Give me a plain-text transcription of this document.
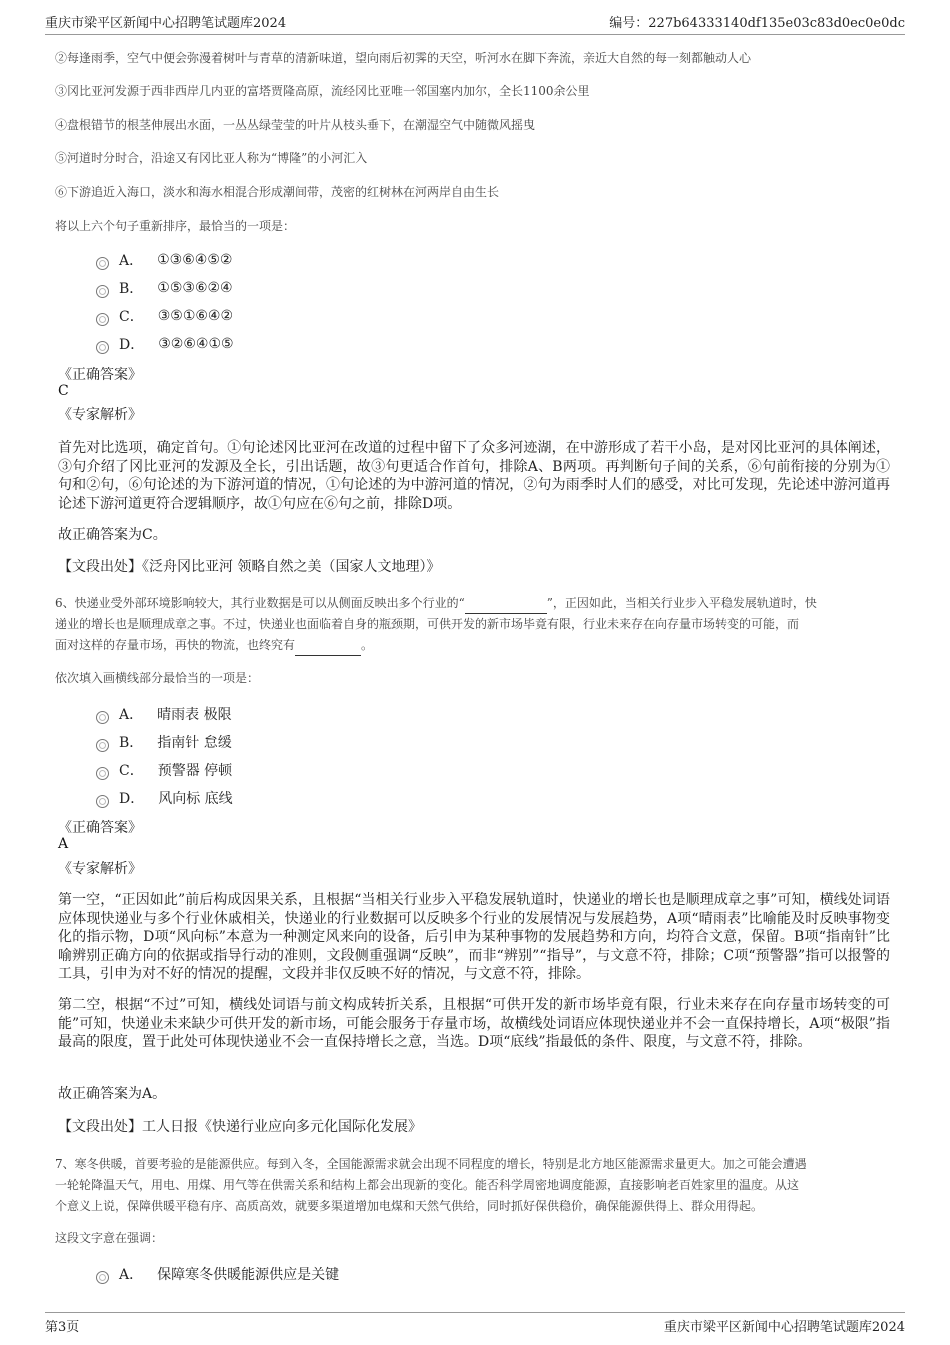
重庆市梁平区新闻中心招聘笔试题库2024	编号：227b64333140df135e03c83d0ec0e0dc
②每逢雨季，空气中便会弥漫着树叶与青草的清新味道，望向雨后初霁的天空，听河水在脚下奔流，亲近大自然的每一刻都触动人心
③冈比亚河发源于西非西岸几内亚的富塔贾隆高原，流经冈比亚唯一邻国塞内加尔，全长1100余公里
④盘根错节的根茎伸展出水面，一丛丛绿莹莹的叶片从枝头垂下，在潮湿空气中随微风摇曳
⑤河道时分时合，沿途又有冈比亚人称为“博隆”的小河汇入
⑥下游追近入海口，淡水和海水相混合形成潮间带，茂密的红树林在河两岸自由生长
将以上六个句子重新排序，最恰当的一项是：
A． ①③⑥④⑤②
B． ①⑤③⑥②④
C． ③⑤①⑥④②
D． ③②⑥④①⑤
《正确答案》
C
《专家解析》
首先对比选项，确定首句。①句论述冈比亚河在改道的过程中留下了众多河迹湖，在中游形成了若干小岛，是对冈比亚河的具体阐述，③句介绍了冈比亚河的发源及全长，引出话题，故③句更适合作首句，排除A、B两项。再判断句子间的关系，⑥句前衔接的分别为①句和②句，⑥句论述的为下游河道的情况，①句论述的为中游河道的情况，②句为雨季时人们的感受，对比可发现，先论述中游河道再论述下游河道更符合逻辑顺序，故①句应在⑥句之前，排除D项。
故正确答案为C。
【文段出处】《泛舟冈比亚河 领略自然之美（国家人文地理）》
6、快递业受外部环境影响较大，其行业数据是可以从侧面反映出多个行业的“	”，正因如此，当相关行业步入平稳发展轨道时，快
递业的增长也是顺理成章之事。不过，快递业也面临着自身的瓶颈期，可供开发的新市场毕竟有限，行业未来存在向存量市场转变的可能，而
面对这样的存量市场，再快的物流，也终究有	。
依次填入画横线部分最恰当的一项是：
A． 晴雨表 极限
B． 指南针 怠缓
C． 预警器 停顿
D． 风向标 底线
《正确答案》
A
《专家解析》
第一空，“正因如此”前后构成因果关系，且根据“当相关行业步入平稳发展轨道时，快递业的增长也是顺理成章之事”可知，横线处词语应体现快递业与多个行业休戚相关，快递业的行业数据可以反映多个行业的发展情况与发展趋势，A项“晴雨表”比喻能及时反映事物变化的指示物，D项“风向标”本意为一种测定风来向的设备，后引申为某种事物的发展趋势和方向，均符合文意，保留。B项“指南针”比喻辨别正确方向的依据或指导行动的准则，文段侧重强调“反映”，而非“辨别”“指导”，与文意不符，排除；C项“预警器”指可以报警的工具，引申为对不好的情况的提醒，文段并非仅反映不好的情况，与文意不符，排除。
第二空，根据“不过”可知，横线处词语与前文构成转折关系，且根据“可供开发的新市场毕竟有限，行业未来存在向存量市场转变的可能”可知，快递业未来缺少可供开发的新市场，可能会服务于存量市场，故横线处词语应体现快递业并不会一直保持增长，A项“极限”指最高的限度，置于此处可体现快递业不会一直保持增长之意，当选。D项“底线”指最低的条件、限度，与文意不符，排除。
故正确答案为A。
【文段出处】工人日报《快递行业应向多元化国际化发展》
7、寒冬供暖，首要考验的是能源供应。每到入冬，全国能源需求就会出现不同程度的增长，特别是北方地区能源需求量更大。加之可能会遭遇
一轮轮降温天气，用电、用煤、用气等在供需关系和结构上都会出现新的变化。能否科学周密地调度能源，直接影响老百姓家里的温度。从这
个意义上说，保障供暖平稳有序、高质高效，就要多渠道增加电煤和天然气供给，同时抓好保供稳价，确保能源供得上、群众用得起。
这段文字意在强调：
A． 保障寒冬供暖能源供应是关键
第3页	重庆市梁平区新闻中心招聘笔试题库2024
